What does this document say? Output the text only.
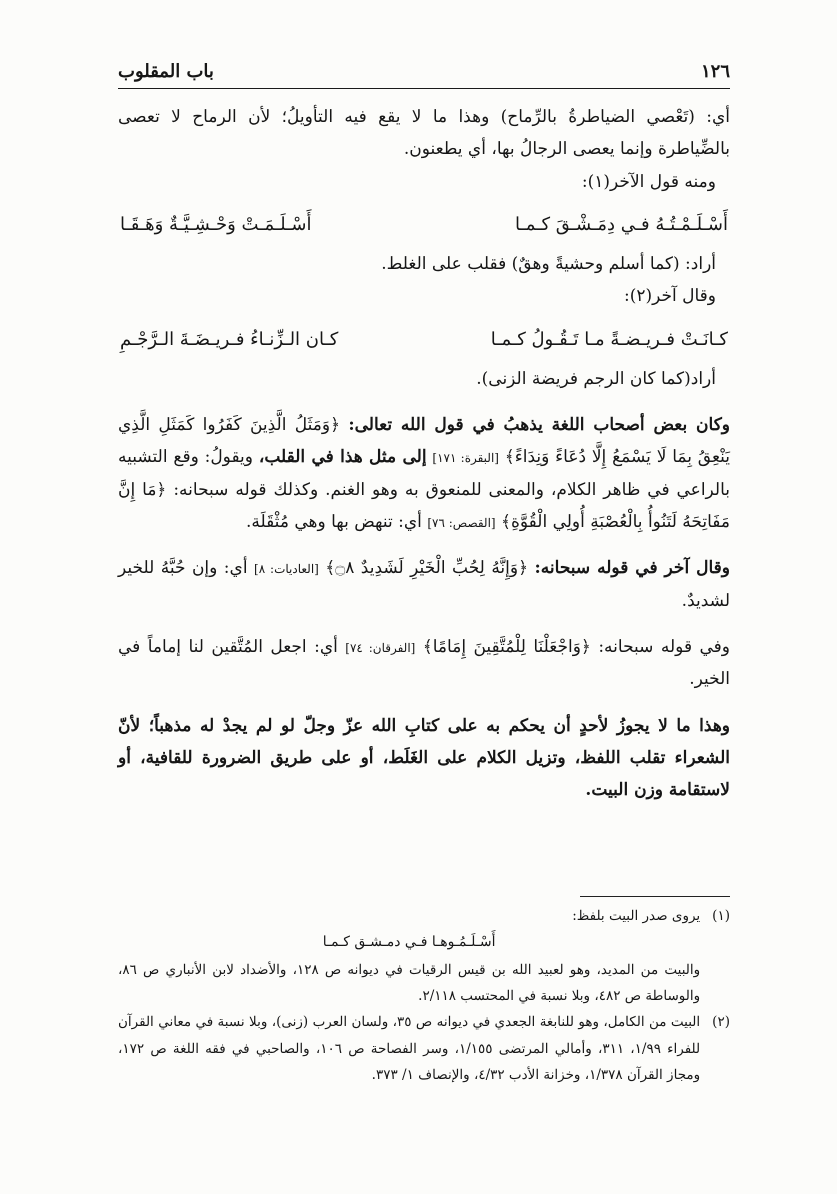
١٢٦
باب المقلوب

أي: (تَعْصي الضياطرةُ بالرِّماح) وهذا ما لا يقع فيه التأويلُ؛ لأن الرماح لا تعصى بالضِّياطرة وإنما يعصى الرجالُ بها، أي يطعنون.

ومنه قول الآخر(١):

أَسْـلَـمْـتُـهُ فـي دِمَـشْـقَ كـمـا
أَسْـلَـمَـتْ وَحْـشِـيَّـةٌ وَهَـقَـا

أراد: (كما أسلم وحشيةً وهقٌ) فقلب على الغلط.

وقال آخر(٢):

كـانَـتْ فـريـضـةً مـا تَـقُـولُ كـمـا
كـان الـزِّنـاءُ فـريـضَـةَ الـرَّجْـمِ

أراد(كما كان الرجم فريضة الزنى).

وكان بعض أصحاب اللغة يذهبُ في قول الله تعالى: ﴿وَمَثَلُ الَّذِينَ كَفَرُوا كَمَثَلِ الَّذِي يَنْعِقُ بِمَا لَا يَسْمَعُ إِلَّا دُعَاءً وَنِدَاءً﴾ [البقرة: ١٧١] إلى مثل هذا في القلب، ويقولُ: وقع التشبيه بالراعي في ظاهر الكلام، والمعنى للمنعوق به وهو الغنم. وكذلك قوله سبحانه: ﴿مَا إِنَّ مَفَاتِحَهُ لَتَنُوأُ بِالْعُصْبَةِ أُولِي الْقُوَّةِ﴾ [القصص: ٧٦] أي: تنهض بها وهي مُثْقَلَة.

وقال آخر في قوله سبحانه: ﴿وَإِنَّهُ لِحُبِّ الْخَيْرِ لَشَدِيدٌ ۝٨﴾ [العاديات: ٨] أي: وإن حُبَّهُ للخير لشديدٌ.

وفي قوله سبحانه: ﴿وَاجْعَلْنَا لِلْمُتَّقِينَ إِمَامًا﴾ [الفرقان: ٧٤] أي: اجعل المُتَّقين لنا إماماً في الخير.

وهذا ما لا يجوزُ لأحدٍ أن يحكم به على كتابِ الله عزّ وجلّ لو لم يجدْ له مذهباً؛ لأنّ الشعراء تقلب اللفظ، وتزيل الكلام على الغَلَط، أو على طريق الضرورة للقافية، أو لاستقامة وزن البيت.

(١)
يروى صدر البيت بلفظ:
أَسْـلَـمُـوهـا فـي دمـشـق كـمـا
والبيت من المديد، وهو لعبيد الله بن قيس الرقيات في ديوانه ص ١٢٨، والأضداد لابن الأنباري ص ٨٦، والوساطة ص ٤٨٢، وبلا نسبة في المحتسب ٢/١١٨.
(٢)
البيت من الكامل، وهو للنابغة الجعدي في ديوانه ص ٣٥، ولسان العرب (زنى)، وبلا نسبة في معاني القرآن للفراء ١/٩٩، ٣١١، وأمالي المرتضى ١/١٥٥، وسر الفصاحة ص ١٠٦، والصاحبي في فقه اللغة ص ١٧٢، ومجاز القرآن ١/٣٧٨، وخزانة الأدب ٤/٣٢، والإنصاف ١/ ٣٧٣.
